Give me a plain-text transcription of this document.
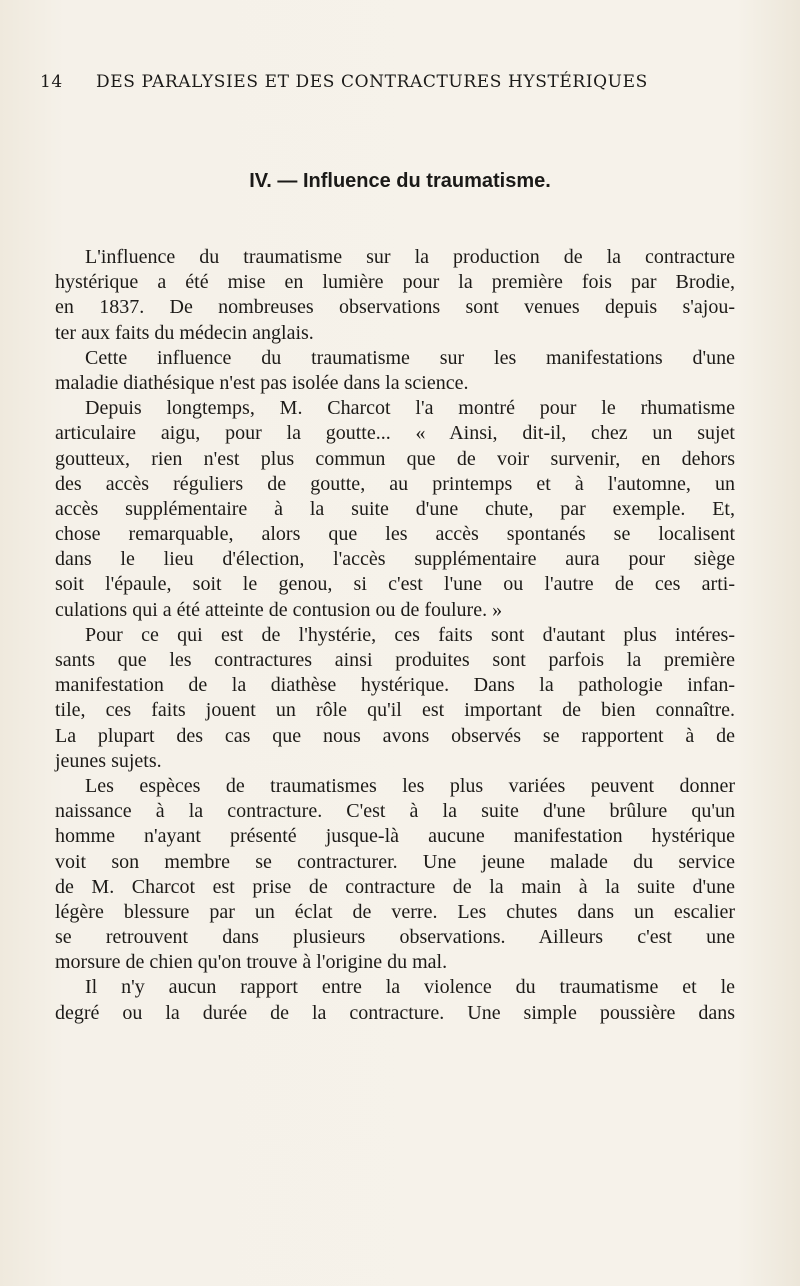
14 DES PARALYSIES ET DES CONTRACTURES HYSTÉRIQUES
IV. — Influence du traumatisme.
L'influence du traumatisme sur la production de la contracture
hystérique a été mise en lumière pour la première fois par Brodie,
en 1837. De nombreuses observations sont venues depuis s'ajou-
ter aux faits du médecin anglais.
Cette influence du traumatisme sur les manifestations d'une
maladie diathésique n'est pas isolée dans la science.
Depuis longtemps, M. Charcot l'a montré pour le rhumatisme
articulaire aigu, pour la goutte... « Ainsi, dit-il, chez un sujet
goutteux, rien n'est plus commun que de voir survenir, en dehors
des accès réguliers de goutte, au printemps et à l'automne, un
accès supplémentaire à la suite d'une chute, par exemple. Et,
chose remarquable, alors que les accès spontanés se localisent
dans le lieu d'élection, l'accès supplémentaire aura pour siège
soit l'épaule, soit le genou, si c'est l'une ou l'autre de ces arti-
culations qui a été atteinte de contusion ou de foulure. »
Pour ce qui est de l'hystérie, ces faits sont d'autant plus intéres-
sants que les contractures ainsi produites sont parfois la première
manifestation de la diathèse hystérique. Dans la pathologie infan-
tile, ces faits jouent un rôle qu'il est important de bien connaître.
La plupart des cas que nous avons observés se rapportent à de
jeunes sujets.
Les espèces de traumatismes les plus variées peuvent donner
naissance à la contracture. C'est à la suite d'une brûlure qu'un
homme n'ayant présenté jusque-là aucune manifestation hystérique
voit son membre se contracturer. Une jeune malade du service
de M. Charcot est prise de contracture de la main à la suite d'une
légère blessure par un éclat de verre. Les chutes dans un escalier
se retrouvent dans plusieurs observations. Ailleurs c'est une
morsure de chien qu'on trouve à l'origine du mal.
Il n'y aucun rapport entre la violence du traumatisme et le
degré ou la durée de la contracture. Une simple poussière dans
